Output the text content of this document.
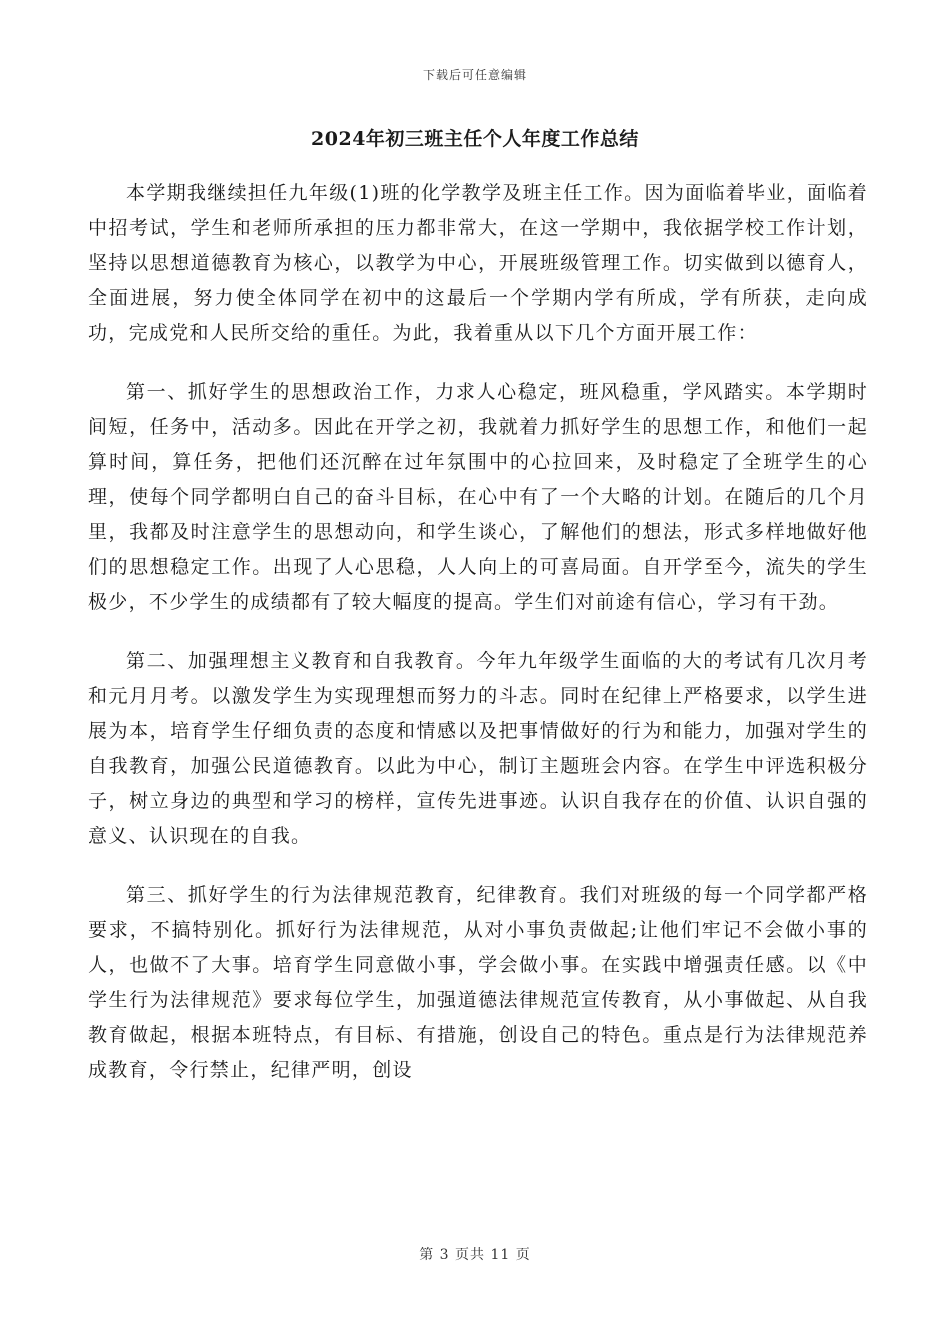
下载后可任意编辑
2024年初三班主任个人年度工作总结

本学期我继续担任九年级(1)班的化学教学及班主任工作。因为面临着毕业，面临着中招考试，学生和老师所承担的压力都非常大，在这一学期中，我依据学校工作计划，坚持以思想道德教育为核心，以教学为中心，开展班级管理工作。切实做到以德育人，全面进展，努力使全体同学在初中的这最后一个学期内学有所成，学有所获，走向成功，完成党和人民所交给的重任。为此，我着重从以下几个方面开展工作：

第一、抓好学生的思想政治工作，力求人心稳定，班风稳重，学风踏实。本学期时间短，任务中，活动多。因此在开学之初，我就着力抓好学生的思想工作，和他们一起算时间，算任务，把他们还沉醉在过年氛围中的心拉回来，及时稳定了全班学生的心理，使每个同学都明白自己的奋斗目标，在心中有了一个大略的计划。在随后的几个月里，我都及时注意学生的思想动向，和学生谈心，了解他们的想法，形式多样地做好他们的思想稳定工作。出现了人心思稳，人人向上的可喜局面。自开学至今，流失的学生极少，不少学生的成绩都有了较大幅度的提高。学生们对前途有信心，学习有干劲。

第二、加强理想主义教育和自我教育。今年九年级学生面临的大的考试有几次月考和元月月考。以激发学生为实现理想而努力的斗志。同时在纪律上严格要求，以学生进展为本，培育学生仔细负责的态度和情感以及把事情做好的行为和能力，加强对学生的自我教育，加强公民道德教育。以此为中心，制订主题班会内容。在学生中评选积极分子，树立身边的典型和学习的榜样，宣传先进事迹。认识自我存在的价值、认识自强的意义、认识现在的自我。

第三、抓好学生的行为法律规范教育，纪律教育。我们对班级的每一个同学都严格要求，不搞特别化。抓好行为法律规范，从对小事负责做起;让他们牢记不会做小事的人，也做不了大事。培育学生同意做小事，学会做小事。在实践中增强责任感。以《中学生行为法律规范》要求每位学生，加强道德法律规范宣传教育，从小事做起、从自我教育做起，根据本班特点，有目标、有措施，创设自己的特色。重点是行为法律规范养成教育，令行禁止，纪律严明，创设

第 3 页共 11 页
